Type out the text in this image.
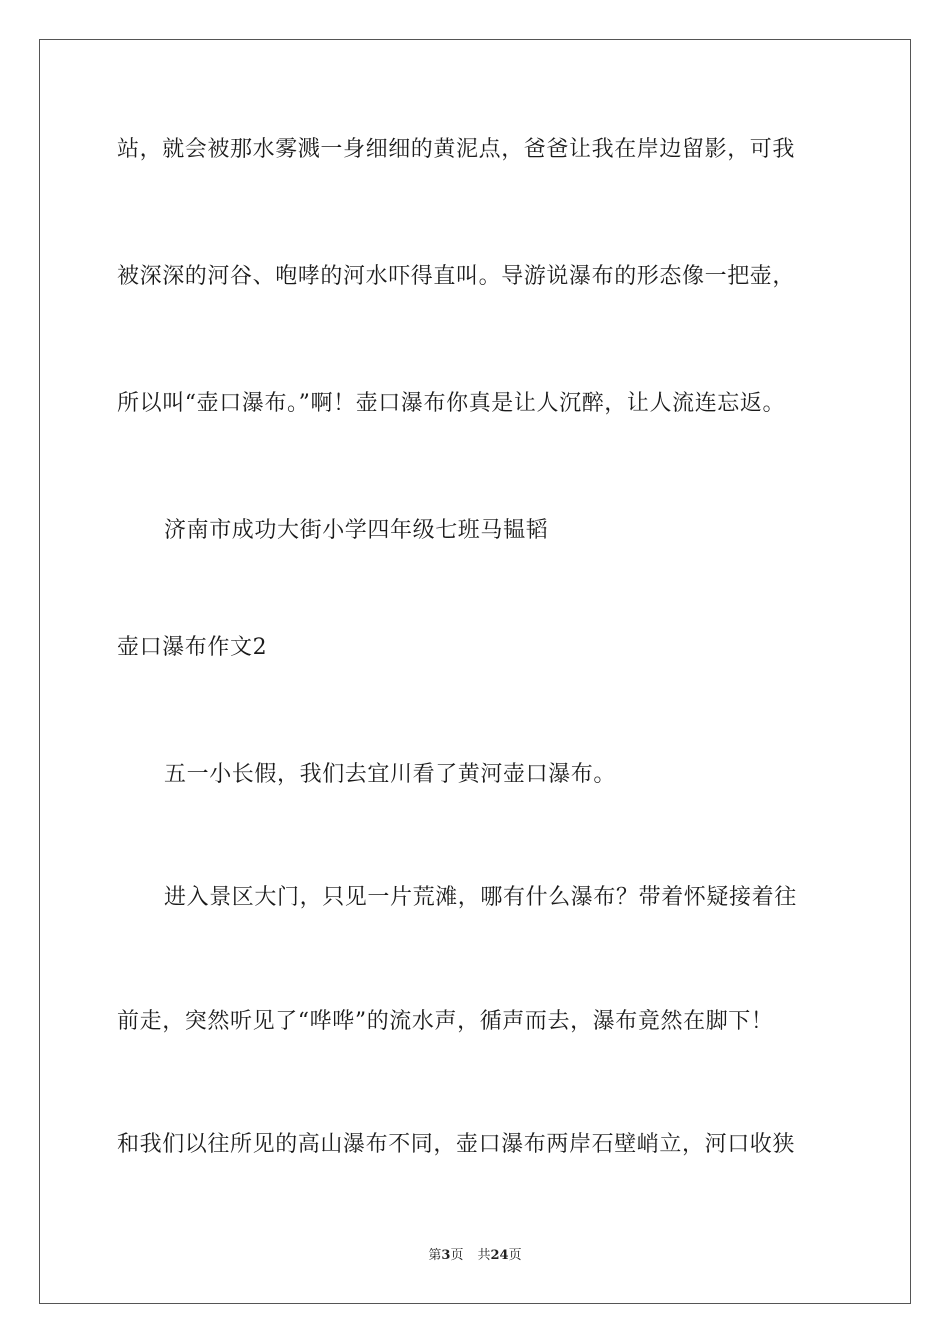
站，就会被那水雾溅一身细细的黄泥点，爸爸让我在岸边留影，可我
被深深的河谷、咆哮的河水吓得直叫。导游说瀑布的形态像一把壶，
所以叫“壶口瀑布。”啊！壶口瀑布你真是让人沉醉，让人流连忘返。
济南市成功大街小学四年级七班马韫韬
壶口瀑布作文2
五一小长假，我们去宜川看了黄河壶口瀑布。
进入景区大门，只见一片荒滩，哪有什么瀑布？带着怀疑接着往
前走，突然听见了“哗哗”的流水声，循声而去，瀑布竟然在脚下！
和我们以往所见的高山瀑布不同，壶口瀑布两岸石壁峭立，河口收狭
第3页 共24页
